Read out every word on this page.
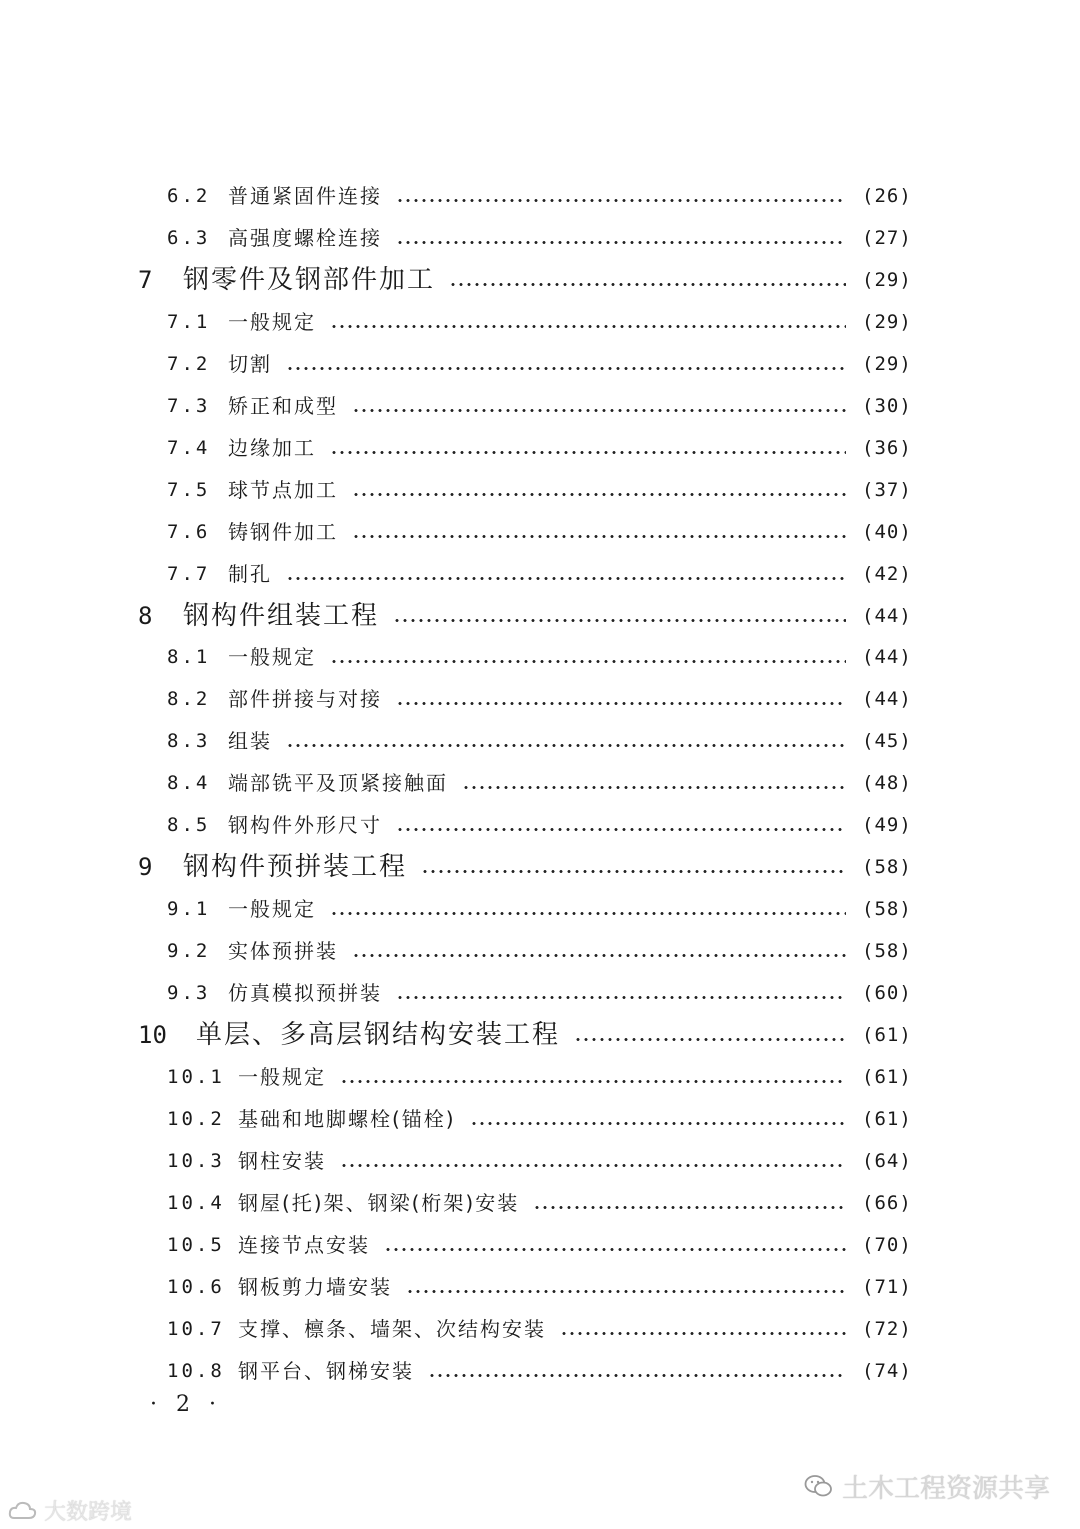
6.2 普通紧固件连接	(26)
6.3 高强度螺栓连接	(27)
7 钢零件及钢部件加工	(29)
7.1 一般规定	(29)
7.2 切割	(29)
7.3 矫正和成型	(30)
7.4 边缘加工	(36)
7.5 球节点加工	(37)
7.6 铸钢件加工	(40)
7.7 制孔	(42)
8 钢构件组装工程	(44)
8.1 一般规定	(44)
8.2 部件拼接与对接	(44)
8.3 组装	(45)
8.4 端部铣平及顶紧接触面	(48)
8.5 钢构件外形尺寸	(49)
9 钢构件预拼装工程	(58)
9.1 一般规定	(58)
9.2 实体预拼装	(58)
9.3 仿真模拟预拼装	(60)
10 单层、多高层钢结构安装工程	(61)
10.1 一般规定	(61)
10.2 基础和地脚螺栓(锚栓)	(61)
10.3 钢柱安装	(64)
10.4 钢屋(托)架、钢梁(桁架)安装	(66)
10.5 连接节点安装	(70)
10.6 钢板剪力墙安装	(71)
10.7 支撑、檩条、墙架、次结构安装	(72)
10.8 钢平台、钢梯安装	(74)
· 2 ·
土木工程资源共享
大数跨境
